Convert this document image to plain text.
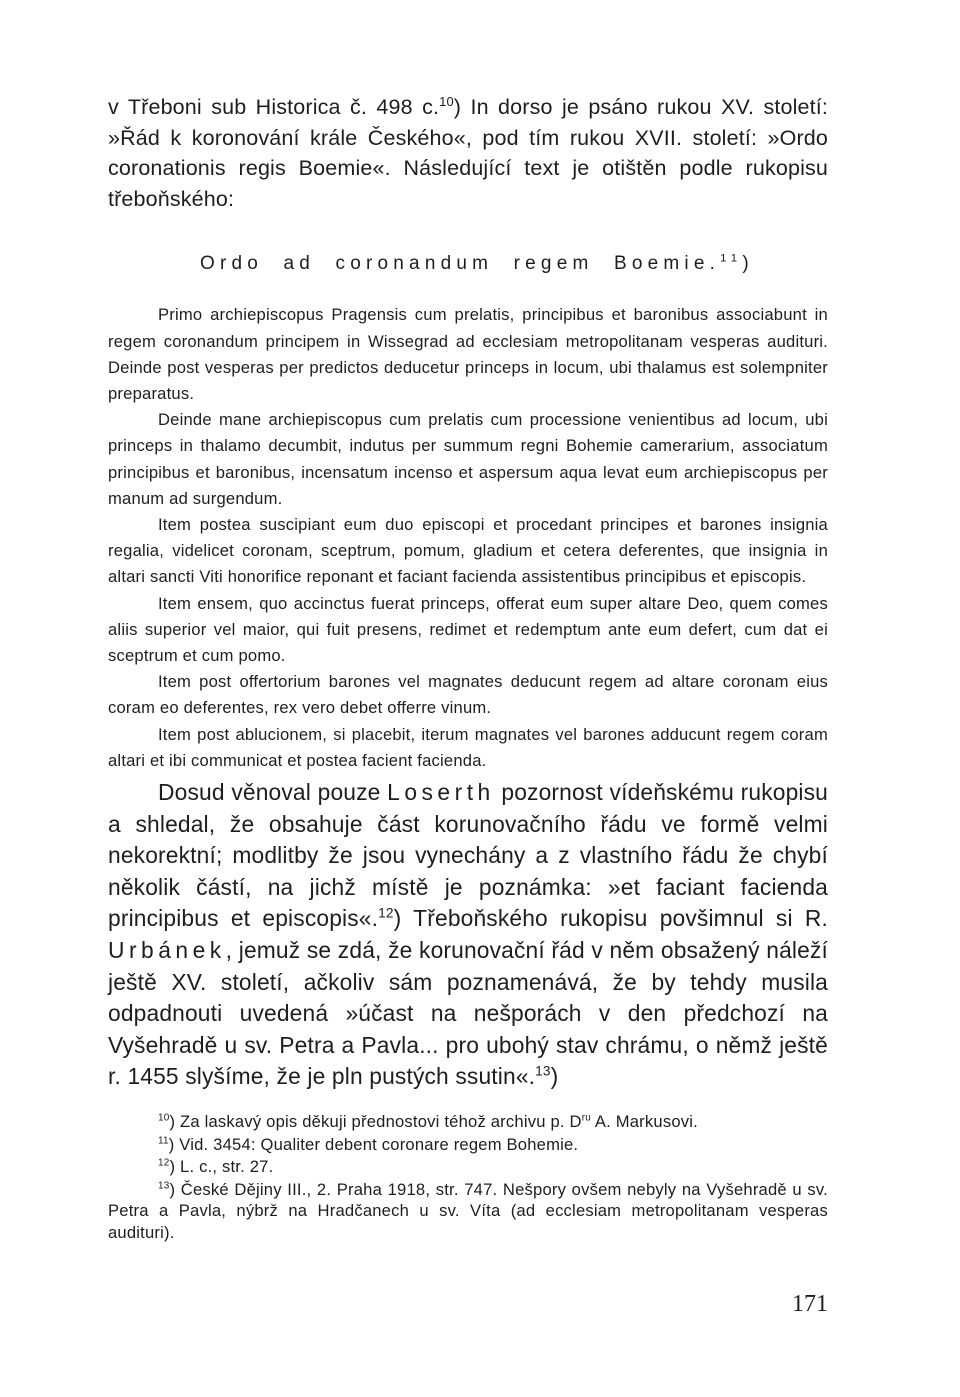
v Třeboni sub Historica č. 498 c.$^{10}$) In dorso je psáno rukou XV. století: »Řád k koronování krále Českého«, pod tím rukou XVII. století: »Ordo coronationis regis Boemie«. Následující text je otištěn podle rukopisu třeboňského:

Ordo ad coronandum regem Boemie.$^{11}$)

Primo archiepiscopus Pragensis cum prelatis, principibus et baronibus associabunt in regem coronandum principem in Wissegrad ad ecclesiam metropolitanam vesperas audituri. Deinde post vesperas per predictos deducetur princeps in locum, ubi thalamus est solempniter preparatus.

Deinde mane archiepiscopus cum prelatis cum processione venientibus ad locum, ubi princeps in thalamo decumbit, indutus per summum regni Bohemie camerarium, associatum principibus et baronibus, incensatum incenso et aspersum aqua levat eum archiepiscopus per manum ad surgendum.

Item postea suscipiant eum duo episcopi et procedant principes et barones insignia regalia, videlicet coronam, sceptrum, pomum, gladium et cetera deferentes, que insignia in altari sancti Viti honorifice reponant et faciant facienda assistentibus principibus et episcopis.

Item ensem, quo accinctus fuerat princeps, offerat eum super altare Deo, quem comes aliis superior vel maior, qui fuit presens, redimet et redemptum ante eum defert, cum dat ei sceptrum et cum pomo.

Item post offertorium barones vel magnates deducunt regem ad altare coronam eius coram eo deferentes, rex vero debet offerre vinum.

Item post ablucionem, si placebit, iterum magnates vel barones adducunt regem coram altari et ibi communicat et postea facient facienda.

Dosud věnoval pouze Loserth pozornost vídeňskému rukopisu a shledal, že obsahuje část korunovačního řádu ve formě velmi nekorektní; modlitby že jsou vynechány a z vlastního řádu že chybí několik částí, na jichž místě je poznámka: »et faciant facienda principibus et episcopis«.$^{12}$) Třeboňského rukopisu povšimnul si R. Urbánek, jemuž se zdá, že korunovační řád v něm obsažený náleží ještě XV. století, ačkoliv sám poznamenává, že by tehdy musila odpadnouti uvedená »účast na nešporách v den předchozí na Vyšehradě u sv. Petra a Pavla... pro ubohý stav chrámu, o němž ještě r. 1455 slyšíme, že je pln pustých ssutin«.$^{13}$)

$^{10}$) Za laskavý opis děkuji přednostovi téhož archivu p. $D^{ru}$ A. Markusovi.

$^{11}$) Vid. 3454: Qualiter debent coronare regem Bohemie.

$^{12}$) L. c., str. 27.

$^{13}$) České Dějiny III., 2. Praha 1918, str. 747. Nešpory ovšem nebyly na Vyšehradě u sv. Petra a Pavla, nýbrž na Hradčanech u sv. Víta (ad ecclesiam metropolitanam vesperas audituri).

171
